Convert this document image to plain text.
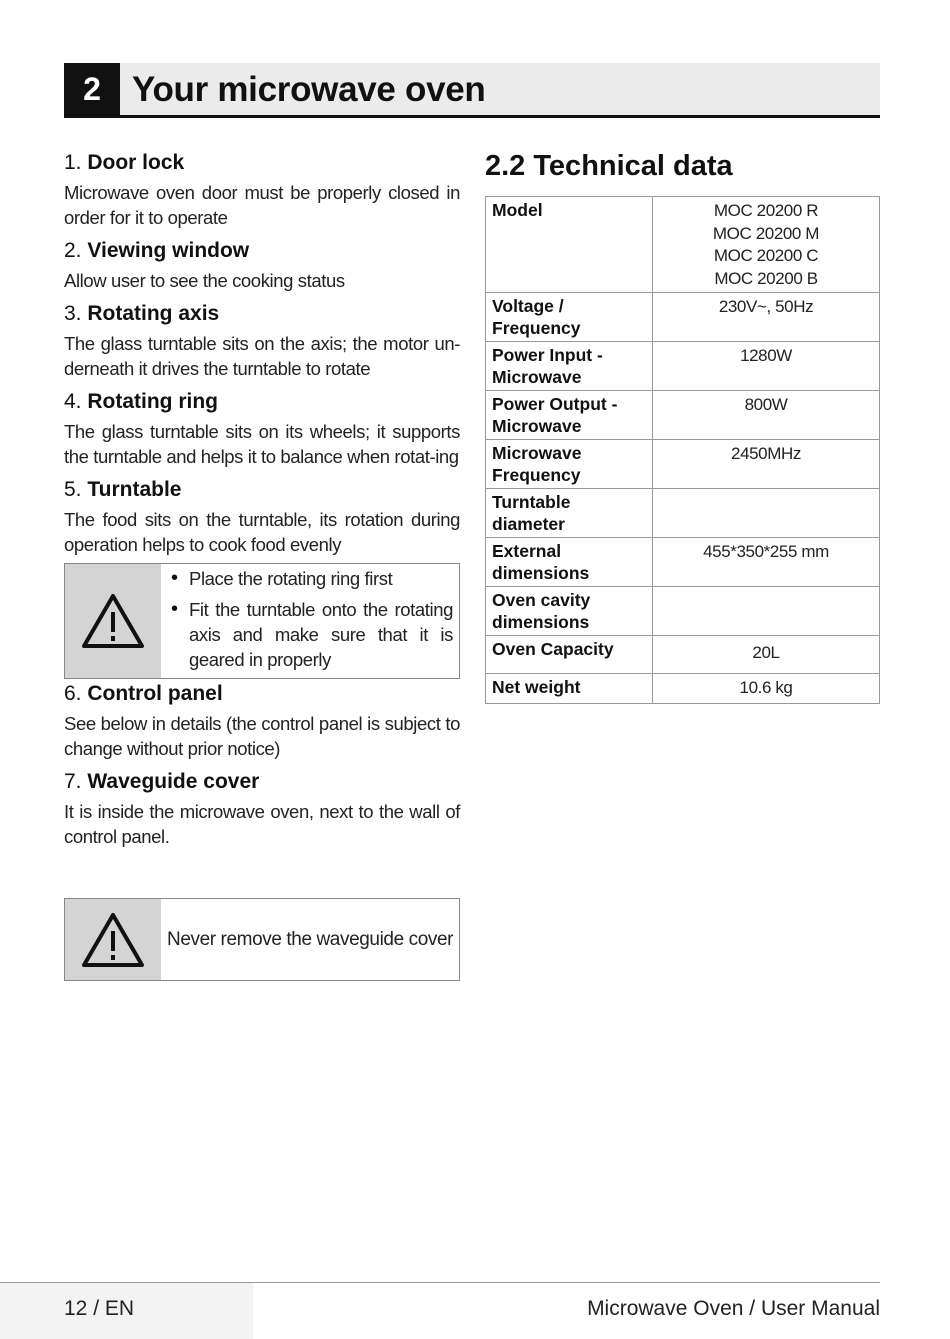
2 Your microwave oven

1. Door lock

Microwave oven door must be properly closed in order for it to operate

2. Viewing window

Allow user to see the cooking status

3. Rotating axis

The glass turntable sits on the axis; the motor un-derneath it drives the turntable to rotate

4. Rotating ring

The glass turntable sits on its wheels; it supports the turntable and helps it to balance when rotat-ing

5. Turntable

The food sits on the turntable, its rotation during operation helps to cook food evenly

• Place the rotating ring first
• Fit the turntable onto the rotating axis and make sure that it is geared in properly

6. Control panel

See below in details (the control panel is subject to change without prior notice)

7. Waveguide cover

It is inside the microwave oven, next to the wall of control panel.

Never remove the waveguide cover
2.2 Technical data
Model	MOC 20200 R
MOC 20200 M
MOC 20200 C
MOC 20200 B

Voltage / Frequency	230V~, 50Hz
Power Input - Microwave	1280W
Power Output - Microwave	800W
Microwave Frequency	2450MHz
Turntable diameter	
External dimensions	455*350*255 mm
Oven cavity dimensions	
Oven Capacity	20L
Net weight	10.6 kg
12 / EN	Microwave Oven / User Manual
